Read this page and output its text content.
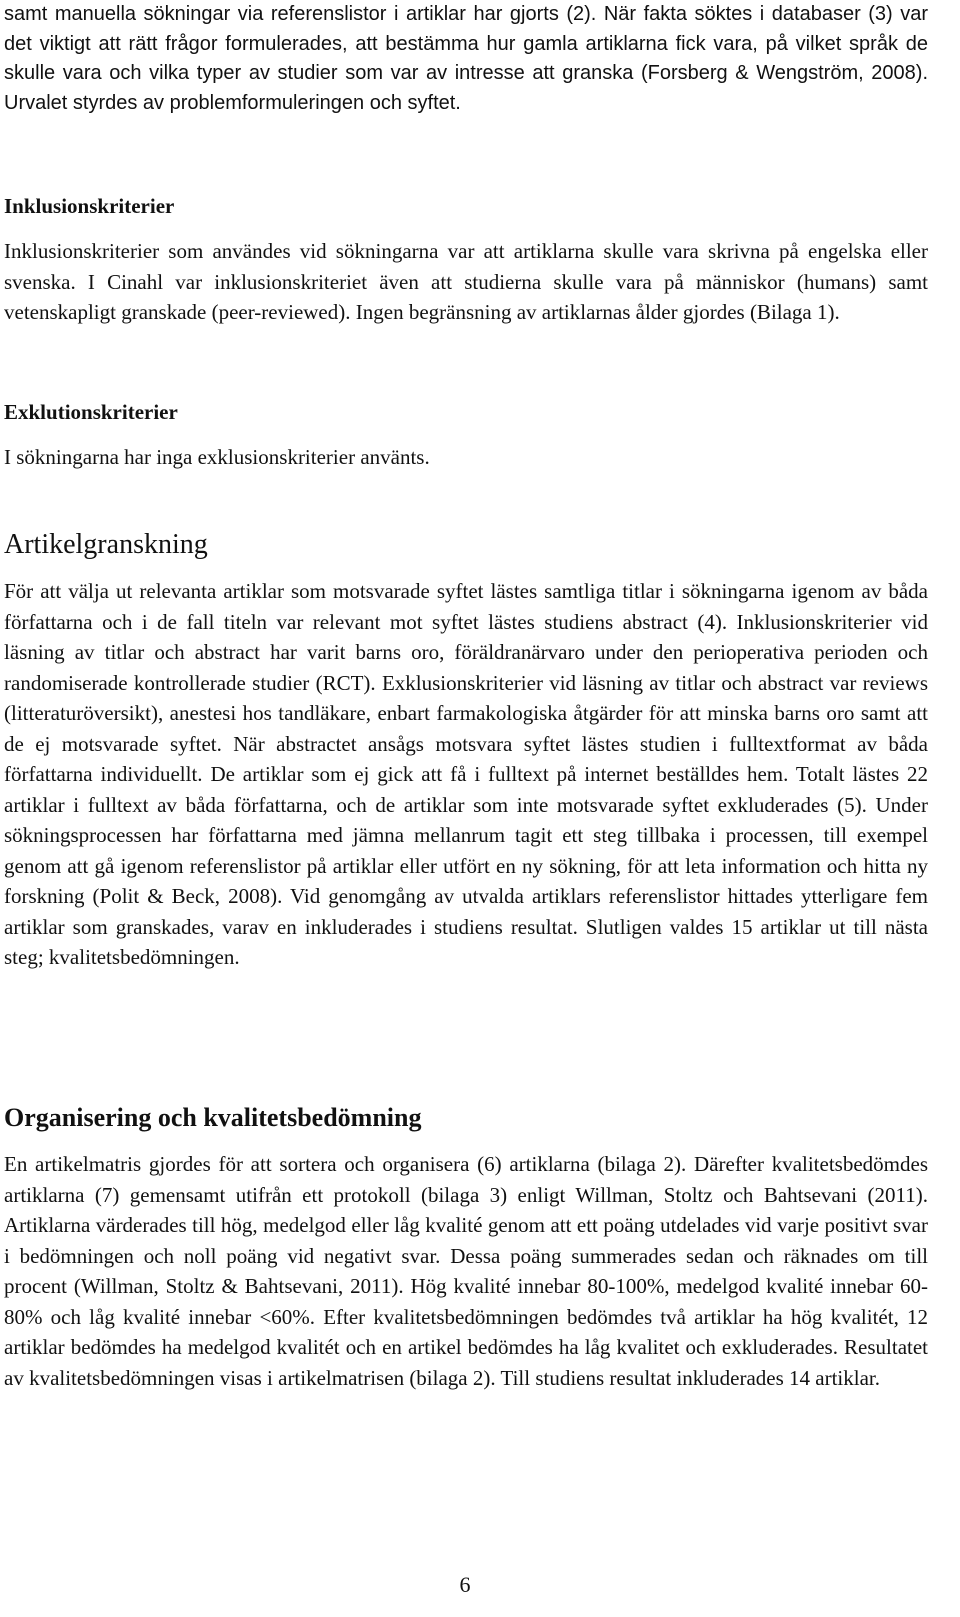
samt manuella sökningar via referenslistor i artiklar har gjorts (2). När fakta söktes i databaser (3) var det viktigt att rätt frågor formulerades, att bestämma hur gamla artiklarna fick vara, på vilket språk de skulle vara och vilka typer av studier som var av intresse att granska (Forsberg & Wengström, 2008). Urvalet styrdes av problemformuleringen och syftet.

Inklusionskriterier

Inklusionskriterier som användes vid sökningarna var att artiklarna skulle vara skrivna på engelska eller svenska. I Cinahl var inklusionskriteriet även att studierna skulle vara på människor (humans) samt vetenskapligt granskade (peer-reviewed). Ingen begränsning av artiklarnas ålder gjordes (Bilaga 1).

Exklutionskriterier

I sökningarna har inga exklusionskriterier använts.

Artikelgranskning

För att välja ut relevanta artiklar som motsvarade syftet lästes samtliga titlar i sökningarna igenom av båda författarna och i de fall titeln var relevant mot syftet lästes studiens abstract (4). Inklusionskriterier vid läsning av titlar och abstract har varit barns oro, föräldranärvaro under den perioperativa perioden och randomiserade kontrollerade studier (RCT). Exklusionskriterier vid läsning av titlar och abstract var reviews (litteraturöversikt), anestesi hos tandläkare, enbart farmakologiska åtgärder för att minska barns oro samt att de ej motsvarade syftet. När abstractet ansågs motsvara syftet lästes studien i fulltextformat av båda författarna individuellt. De artiklar som ej gick att få i fulltext på internet beställdes hem. Totalt lästes 22 artiklar i fulltext av båda författarna, och de artiklar som inte motsvarade syftet exkluderades (5). Under sökningsprocessen har författarna med jämna mellanrum tagit ett steg tillbaka i processen, till exempel genom att gå igenom referenslistor på artiklar eller utfört en ny sökning, för att leta information och hitta ny forskning (Polit & Beck, 2008). Vid genomgång av utvalda artiklars referenslistor hittades ytterligare fem artiklar som granskades, varav en inkluderades i studiens resultat. Slutligen valdes 15 artiklar ut till nästa steg; kvalitetsbedömningen.

Organisering och kvalitetsbedömning

En artikelmatris gjordes för att sortera och organisera (6) artiklarna (bilaga 2). Därefter kvalitetsbedömdes artiklarna (7) gemensamt utifrån ett protokoll (bilaga 3) enligt Willman, Stoltz och Bahtsevani (2011). Artiklarna värderades till hög, medelgod eller låg kvalité genom att ett poäng utdelades vid varje positivt svar i bedömningen och noll poäng vid negativt svar. Dessa poäng summerades sedan och räknades om till procent (Willman, Stoltz & Bahtsevani, 2011). Hög kvalité innebar 80-100%, medelgod kvalité innebar 60-80% och låg kvalité innebar <60%. Efter kvalitetsbedömningen bedömdes två artiklar ha hög kvalitét, 12 artiklar bedömdes ha medelgod kvalitét och en artikel bedömdes ha låg kvalitet och exkluderades. Resultatet av kvalitetsbedömningen visas i artikelmatrisen (bilaga 2). Till studiens resultat inkluderades 14 artiklar.

6
